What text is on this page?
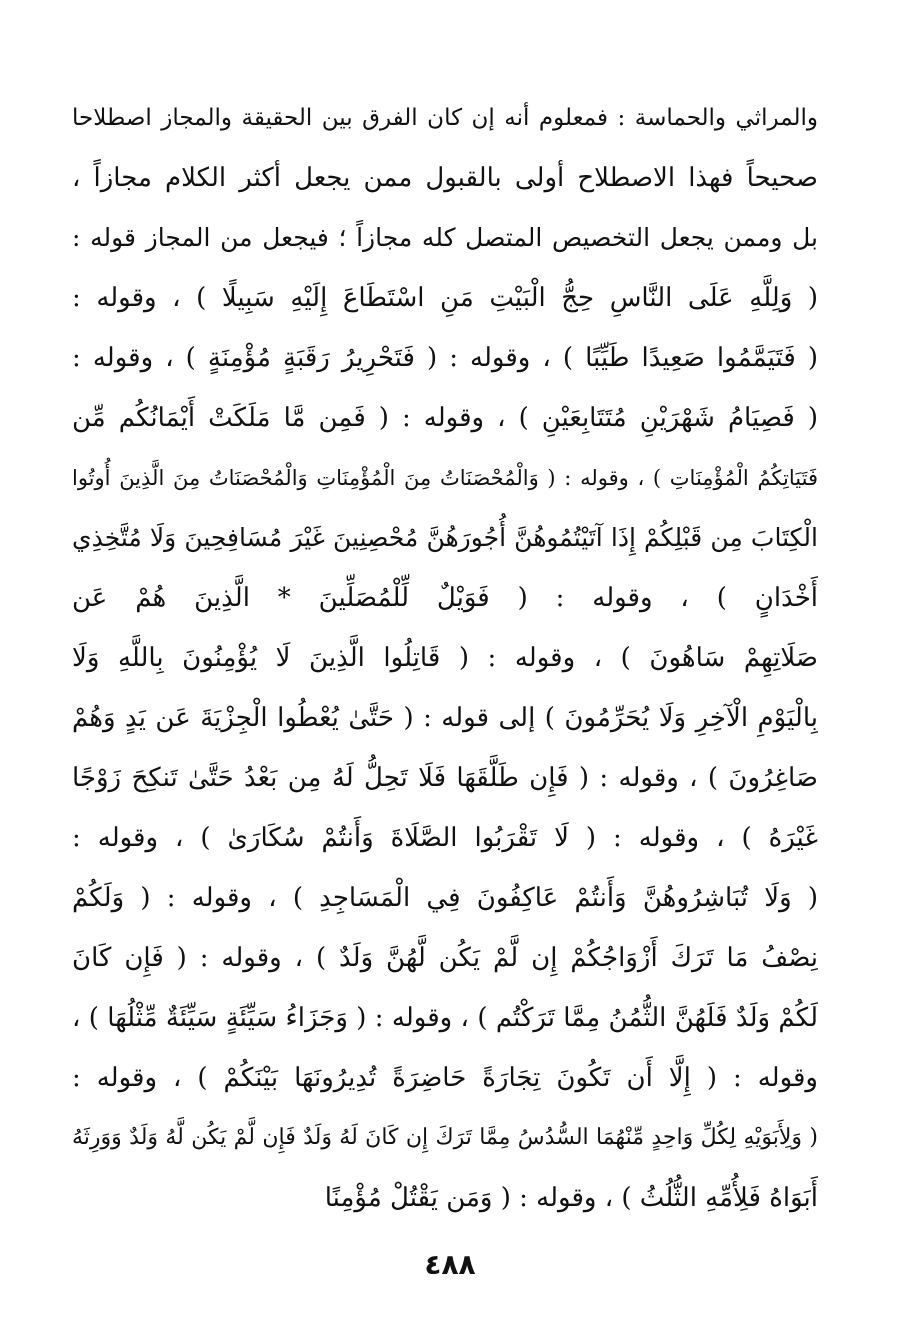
والمراثي والحماسة : فمعلوم أنه إن كان الفرق بين الحقيقة والمجاز اصطلاحا
صحيحاً فهذا الاصطلاح أولى بالقبول ممن يجعل أكثر الكلام مجازاً ،
بل وممن يجعل التخصيص المتصل كله مجازاً ؛ فيجعل من المجاز قوله :
( وَلِلَّهِ عَلَى النَّاسِ حِجُّ الْبَيْتِ مَنِ اسْتَطَاعَ إِلَيْهِ سَبِيلًا ) ، وقوله :
( فَتَيَمَّمُوا صَعِيدًا طَيِّبًا ) ، وقوله : ( فَتَحْرِيرُ رَقَبَةٍ مُؤْمِنَةٍ ) ، وقوله :
( فَصِيَامُ شَهْرَيْنِ مُتَتَابِعَيْنِ ) ، وقوله : ( فَمِن مَّا مَلَكَتْ أَيْمَانُكُم مِّن
فَتَيَاتِكُمُ الْمُؤْمِنَاتِ ) ، وقوله : ( وَالْمُحْصَنَاتُ مِنَ الْمُؤْمِنَاتِ وَالْمُحْصَنَاتُ مِنَ الَّذِينَ أُوتُوا
الْكِتَابَ مِن قَبْلِكُمْ إِذَا آتَيْتُمُوهُنَّ أُجُورَهُنَّ مُحْصِنِينَ غَيْرَ مُسَافِحِينَ وَلَا مُتَّخِذِي
أَخْدَانٍ ) ، وقوله : ( فَوَيْلٌ لِّلْمُصَلِّينَ * الَّذِينَ هُمْ عَن
صَلَاتِهِمْ سَاهُونَ ) ، وقوله : ( قَاتِلُوا الَّذِينَ لَا يُؤْمِنُونَ بِاللَّهِ وَلَا
بِالْيَوْمِ الْآخِرِ وَلَا يُحَرِّمُونَ ) إلى قوله : ( حَتَّىٰ يُعْطُوا الْجِزْيَةَ عَن يَدٍ وَهُمْ
صَاغِرُونَ ) ، وقوله : ( فَإِن طَلَّقَهَا فَلَا تَحِلُّ لَهُ مِن بَعْدُ حَتَّىٰ تَنكِحَ زَوْجًا
غَيْرَهُ ) ، وقوله : ( لَا تَقْرَبُوا الصَّلَاةَ وَأَنتُمْ سُكَارَىٰ ) ، وقوله :
( وَلَا تُبَاشِرُوهُنَّ وَأَنتُمْ عَاكِفُونَ فِي الْمَسَاجِدِ ) ، وقوله : ( وَلَكُمْ
نِصْفُ مَا تَرَكَ أَزْوَاجُكُمْ إِن لَّمْ يَكُن لَّهُنَّ وَلَدٌ ) ، وقوله : ( فَإِن كَانَ
لَكُمْ وَلَدٌ فَلَهُنَّ الثُّمُنُ مِمَّا تَرَكْتُم ) ، وقوله : ( وَجَزَاءُ سَيِّئَةٍ سَيِّئَةٌ مِّثْلُهَا ) ،
وقوله : ( إِلَّا أَن تَكُونَ تِجَارَةً حَاضِرَةً تُدِيرُونَهَا بَيْنَكُمْ ) ، وقوله :
( وَلِأَبَوَيْهِ لِكُلِّ وَاحِدٍ مِّنْهُمَا السُّدُسُ مِمَّا تَرَكَ إِن كَانَ لَهُ وَلَدٌ فَإِن لَّمْ يَكُن لَّهُ وَلَدٌ وَوَرِثَهُ
أَبَوَاهُ فَلِأُمِّهِ الثُّلُثُ ) ، وقوله : ( وَمَن يَقْتُلْ مُؤْمِنًا
٤٨٨
